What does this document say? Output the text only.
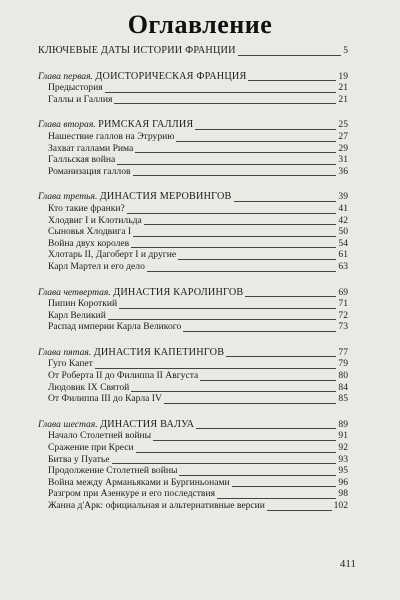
Оглавление
КЛЮЧЕВЫЕ ДАТЫ ИСТОРИИ ФРАНЦИИ	5
Глава первая. ДОИСТОРИЧЕСКАЯ ФРАНЦИЯ	19
Предыстория	21
Галлы и Галлия	21
Глава вторая. РИМСКАЯ ГАЛЛИЯ	25
Нашествие галлов на Этрурию	27
Захват галлами Рима	29
Галльская война	31
Романизация галлов	36
Глава третья. ДИНАСТИЯ МЕРОВИНГОВ	39
Кто такие франки?	41
Хлодвиг I и Клотильда	42
Сыновья Хлодвига I	50
Война двух королев	54
Хлотарь II, Дагоберт I и другие	61
Карл Мартел и его дело	63
Глава четвертая. ДИНАСТИЯ КАРОЛИНГОВ	69
Пипин Короткий	71
Карл Великий	72
Распад империи Карла Великого	73
Глава пятая. ДИНАСТИЯ КАПЕТИНГОВ	77
Гуго Капет	79
От Роберта II до Филиппа II Августа	80
Людовик IX Святой	84
От Филиппа III до Карла IV	85
Глава шестая. ДИНАСТИЯ ВАЛУА	89
Начало Столетней войны	91
Сражение при Креси	92
Битва у Пуатье	93
Продолжение Столетней войны	95
Война между Арманьяками и Бургиньонами	96
Разгром при Азенкуре и его последствия	98
Жанна д'Арк: официальная и альтернативные версии	102
411
